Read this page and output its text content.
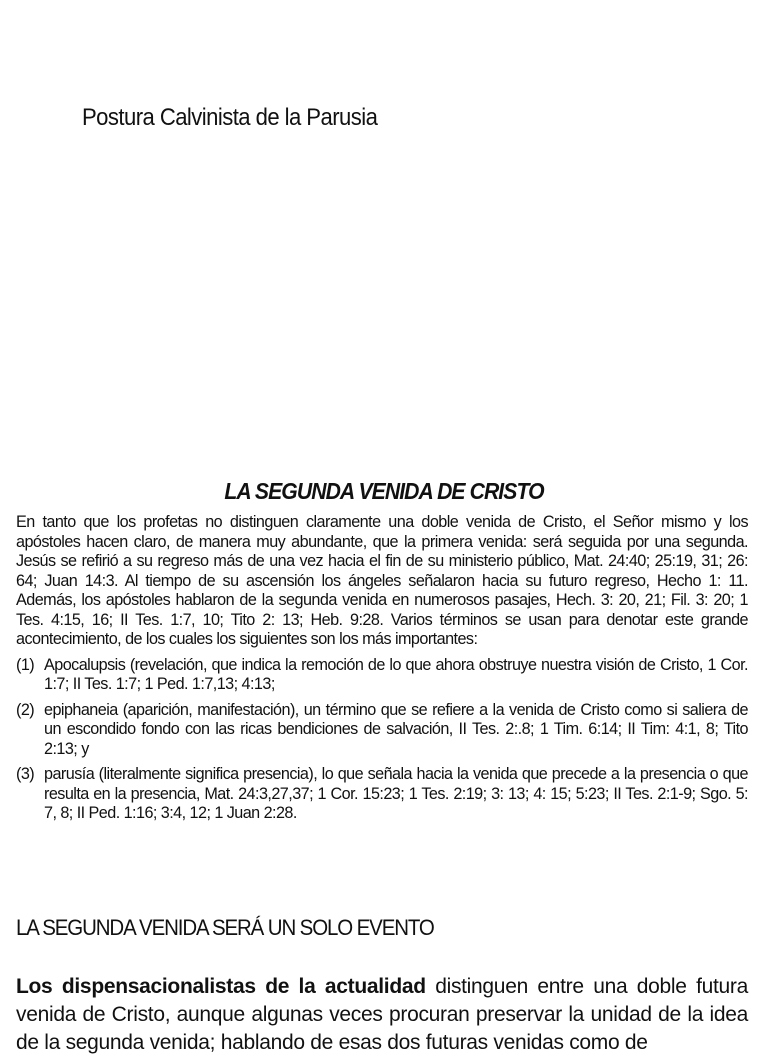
Postura Calvinista de la Parusia
LA SEGUNDA VENIDA DE CRISTO

En tanto que los profetas no distinguen claramente una doble venida de Cristo, el Señor mismo y los apóstoles hacen claro, de manera muy abundante, que la primera venida: será seguida por una segunda. Jesús se refirió a su regreso más de una vez hacia el fin de su ministerio público, Mat. 24:40; 25:19, 31; 26: 64; Juan 14:3. Al tiempo de su ascensión los ángeles señalaron hacia su futuro regreso, Hecho 1: 11. Además, los apóstoles hablaron de la segunda venida en numerosos pasajes, Hech. 3: 20, 21; Fil. 3: 20; 1 Tes. 4:15, 16; II Tes. 1:7, 10; Tito 2: 13; Heb. 9:28. Varios términos se usan para denotar este grande acontecimiento, de los cuales los siguientes son los más importantes:

(1) Apocalupsis (revelación, que indica la remoción de lo que ahora obstruye nuestra visión de Cristo, 1 Cor. 1:7; II Tes. 1:7; 1 Ped. 1:7,13; 4:13;
(2) epiphaneia (aparición, manifestación), un término que se refiere a la venida de Cristo como si saliera de un escondido fondo con las ricas bendiciones de salvación, II Tes. 2:.8; 1 Tim. 6:14; II Tim: 4:1, 8; Tito 2:13; y
(3) parusía (literalmente significa presencia), lo que señala hacia la venida que precede a la presencia o que resulta en la presencia, Mat. 24:3,27,37; 1 Cor. 15:23; 1 Tes. 2:19; 3: 13; 4: 15; 5:23; II Tes. 2:1-9; Sgo. 5: 7, 8; II Ped. 1:16; 3:4, 12; 1 Juan 2:28.
LA SEGUNDA VENIDA SERÁ UN SOLO EVENTO

Los dispensacionalistas de la actualidad distinguen entre una doble futura venida de Cristo, aunque algunas veces procuran preservar la unidad de la idea de la segunda venida; hablando de esas dos futuras venidas como de
